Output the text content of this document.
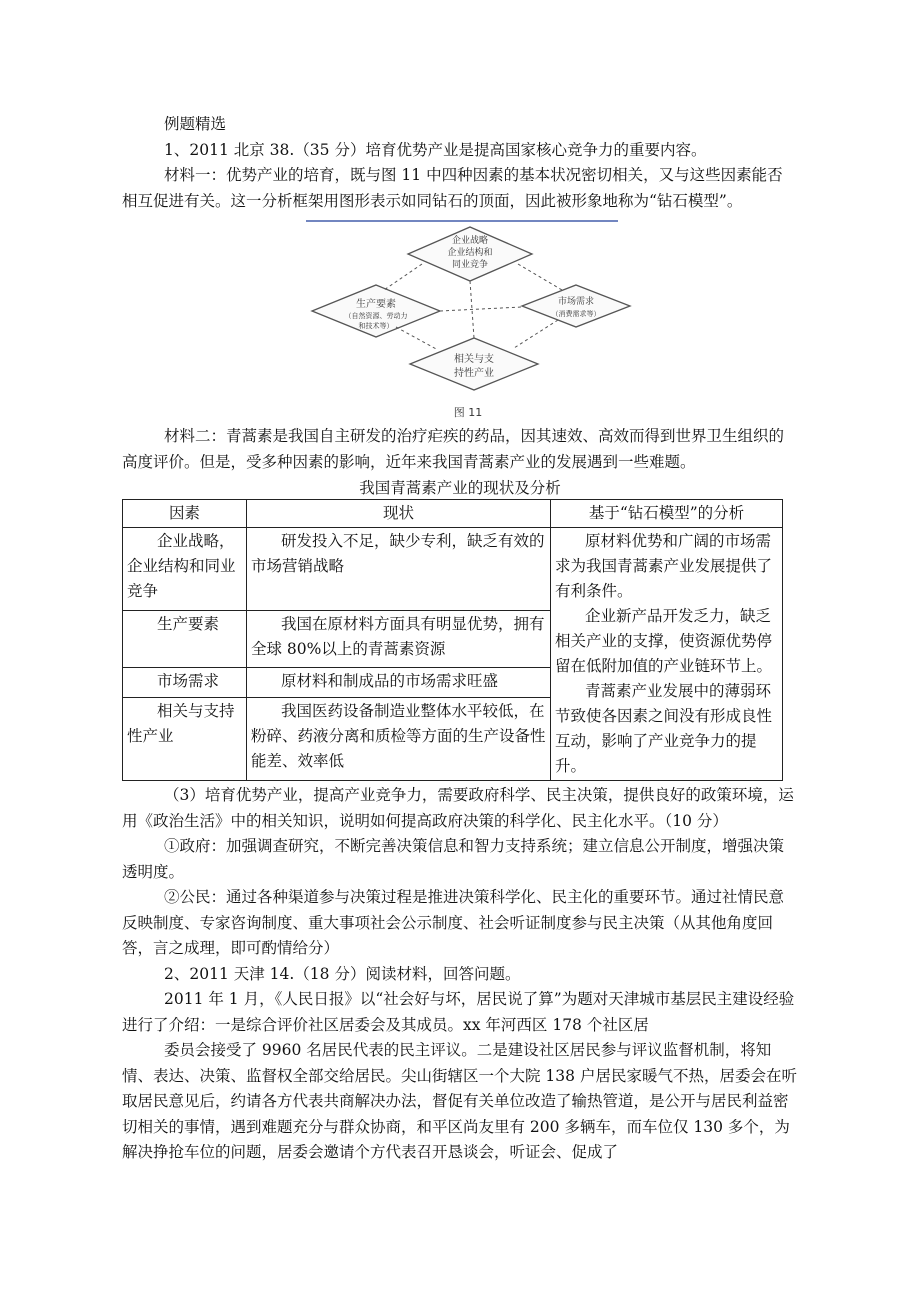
例题精选

1、2011 北京 38.（35 分）培育优势产业是提高国家核心竞争力的重要内容。

材料一：优势产业的培育，既与图 11 中四种因素的基本状况密切相关，又与这些因素能否相互促进有关。这一分析框架用图形表示如同钻石的顶面，因此被形象地称为“钻石模型”。

企业战略
企业结构和
同业竞争
生产要素
（自然资源、劳动力
和技术等）
市场需求
（消费需求等）
相关与支
持性产业
图 11

材料二：青蒿素是我国自主研发的治疗疟疾的药品，因其速效、高效而得到世界卫生组织的高度评价。但是，受多种因素的影响，近年来我国青蒿素产业的发展遇到一些难题。

我国青蒿素产业的现状及分析
因素	现状	基于“钻石模型”的分析
企业战略，企业结构和同业竞争	研发投入不足，缺少专利，缺乏有效的市场营销战略	原材料优势和广阔的市场需求为我国青蒿素产业发展提供了有利条件。
企业新产品开发乏力，缺乏相关产业的支撑，使资源优势停留在低附加值的产业链环节上。
青蒿素产业发展中的薄弱环节致使各因素之间没有形成良性互动，影响了产业竞争力的提升。

生产要素	我国在原材料方面具有明显优势，拥有全球 80%以上的青蒿素资源	
市场需求	原材料和制成品的市场需求旺盛	
相关与支持性产业	我国医药设备制造业整体水平较低，在粉碎、药液分离和质检等方面的生产设备性能差、效率低	

（3）培育优势产业，提高产业竞争力，需要政府科学、民主决策，提供良好的政策环境，运用《政治生活》中的相关知识，说明如何提高政府决策的科学化、民主化水平。（10 分）

①政府：加强调查研究，不断完善决策信息和智力支持系统；建立信息公开制度，增强决策透明度。

②公民：通过各种渠道参与决策过程是推进决策科学化、民主化的重要环节。通过社情民意反映制度、专家咨询制度、重大事项社会公示制度、社会听证制度参与民主决策（从其他角度回答，言之成理，即可酌情给分）

2、2011 天津 14.（18 分）阅读材料，回答问题。

2011 年 1 月，《人民日报》以“社会好与坏，居民说了算”为题对天津城市基层民主建设经验进行了介绍：一是综合评价社区居委会及其成员。xx 年河西区 178 个社区居

委员会接受了 9960 名居民代表的民主评议。二是建设社区居民参与评议监督机制，将知情、表达、决策、监督权全部交给居民。尖山街辖区一个大院 138 户居民家暖气不热，居委会在听取居民意见后，约请各方代表共商解决办法，督促有关单位改造了输热管道，是公开与居民利益密切相关的事情，遇到难题充分与群众协商，和平区尚友里有 200 多辆车，而车位仅 130 多个，为解决挣抢车位的问题，居委会邀请个方代表召开恳谈会，听证会、促成了
